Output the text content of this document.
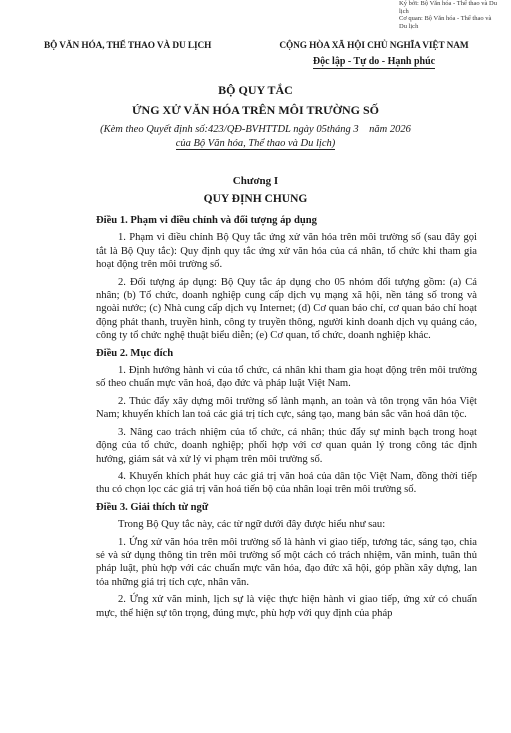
Ký bởi: Bộ Văn hóa - Thể thao và Du lịch
Cơ quan: Bộ Văn hóa - Thể thao và Du lịch
BỘ VĂN HÓA, THỂ THAO VÀ DU LỊCH	CỘNG HÒA XÃ HỘI CHỦ NGHĨA VIỆT NAM
Độc lập - Tự do - Hạnh phúc
BỘ QUY TẮC
ỨNG XỬ VĂN HÓA TRÊN MÔI TRƯỜNG SỐ
(Kèm theo Quyết định số:423/QĐ-BVHTTDL ngày 05tháng 3    năm 2026
của Bộ Văn hóa, Thể thao và Du lịch)
Chương I
QUY ĐỊNH CHUNG

Điều 1. Phạm vi điều chỉnh và đối tượng áp dụng

1. Phạm vi điều chỉnh Bộ Quy tắc ứng xử văn hóa trên môi trường số (sau đây gọi tắt là Bộ Quy tắc): Quy định quy tắc ứng xử văn hóa của cá nhân, tổ chức khi tham gia hoạt động trên môi trường số.

2. Đối tượng áp dụng: Bộ Quy tắc áp dụng cho 05 nhóm đối tượng gồm: (a) Cá nhân; (b) Tổ chức, doanh nghiệp cung cấp dịch vụ mạng xã hội, nền tảng số trong và ngoài nước; (c) Nhà cung cấp dịch vụ Internet; (d) Cơ quan báo chí, cơ quan báo chí hoạt động phát thanh, truyền hình, công ty truyền thông, người kinh doanh dịch vụ quảng cáo, công ty tổ chức nghệ thuật biểu diễn; (e) Cơ quan, tổ chức, doanh nghiệp khác.

Điều 2. Mục đích

1. Định hướng hành vi của tổ chức, cá nhân khi tham gia hoạt động trên môi trường số theo chuẩn mực văn hoá, đạo đức và pháp luật Việt Nam.

2. Thúc đẩy xây dựng môi trường số lành mạnh, an toàn và tôn trọng văn hóa Việt Nam; khuyến khích lan toả các giá trị tích cực, sáng tạo, mang bản sắc văn hoá dân tộc.

3. Nâng cao trách nhiệm của tổ chức, cá nhân; thúc đẩy sự minh bạch trong hoạt động của tổ chức, doanh nghiệp; phối hợp với cơ quan quản lý trong công tác định hướng, giám sát và xử lý vi phạm trên môi trường số.

4. Khuyến khích phát huy các giá trị văn hoá của dân tộc Việt Nam, đồng thời tiếp thu có chọn lọc các giá trị văn hoá tiến bộ của nhân loại trên môi trường số.

Điều 3. Giải thích từ ngữ

Trong Bộ Quy tắc này, các từ ngữ dưới đây được hiểu như sau:

1. Ứng xử văn hóa trên môi trường số là hành vi giao tiếp, tương tác, sáng tạo, chia sẻ và sử dụng thông tin trên môi trường số một cách có trách nhiệm, văn minh, tuân thủ pháp luật, phù hợp với các chuẩn mực văn hóa, đạo đức xã hội, góp phần xây dựng, lan tỏa những giá trị tích cực, nhân văn.

2. Ứng xử văn minh, lịch sự là việc thực hiện hành vi giao tiếp, ứng xử có chuẩn mực, thể hiện sự tôn trọng, đúng mực, phù hợp với quy định của pháp
